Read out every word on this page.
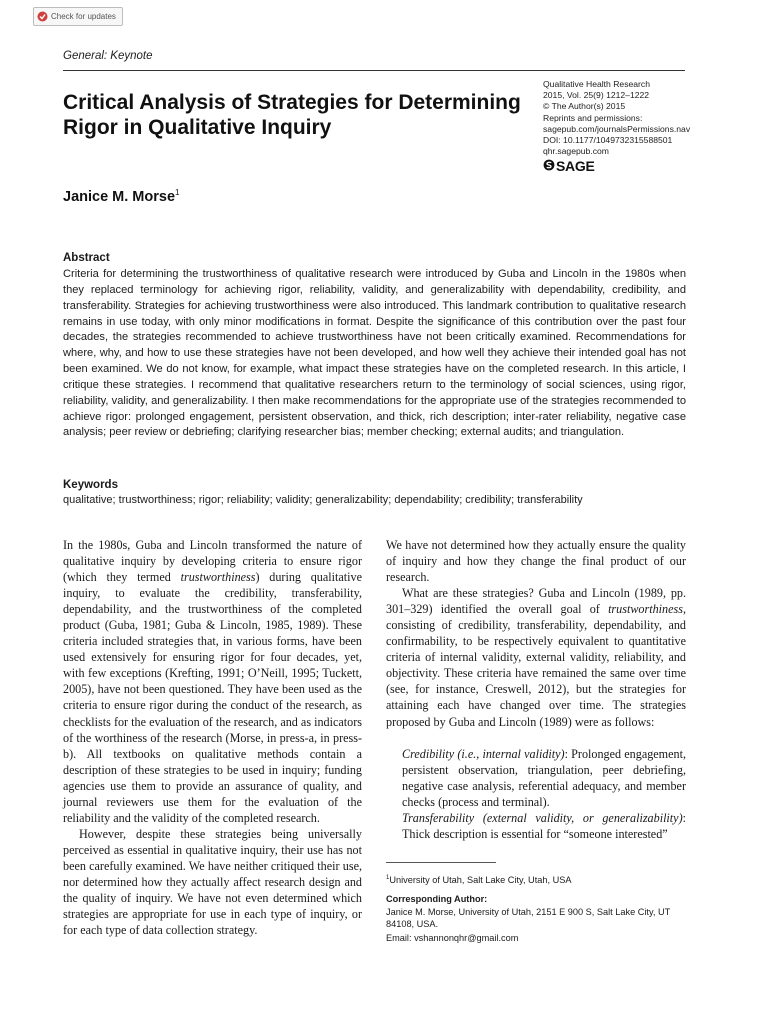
Check for updates
General: Keynote
Critical Analysis of Strategies for Determining Rigor in Qualitative Inquiry
Qualitative Health Research
2015, Vol. 25(9) 1212–1222
© The Author(s) 2015
Reprints and permissions:
sagepub.com/journalsPermissions.nav
DOI: 10.1177/1049732315588501
qhr.sagepub.com
SAGE
Janice M. Morse$^1$
Abstract
Criteria for determining the trustworthiness of qualitative research were introduced by Guba and Lincoln in the 1980s when they replaced terminology for achieving rigor, reliability, validity, and generalizability with dependability, credibility, and transferability. Strategies for achieving trustworthiness were also introduced. This landmark contribution to qualitative research remains in use today, with only minor modifications in format. Despite the significance of this contribution over the past four decades, the strategies recommended to achieve trustworthiness have not been critically examined. Recommendations for where, why, and how to use these strategies have not been developed, and how well they achieve their intended goal has not been examined. We do not know, for example, what impact these strategies have on the completed research. In this article, I critique these strategies. I recommend that qualitative researchers return to the terminology of social sciences, using rigor, reliability, validity, and generalizability. I then make recommendations for the appropriate use of the strategies recommended to achieve rigor: prolonged engagement, persistent observation, and thick, rich description; inter-rater reliability, negative case analysis; peer review or debriefing; clarifying researcher bias; member checking; external audits; and triangulation.
Keywords
qualitative; trustworthiness; rigor; reliability; validity; generalizability; dependability; credibility; transferability

In the 1980s, Guba and Lincoln transformed the nature of qualitative inquiry by developing criteria to ensure rigor (which they termed trustworthiness) during qualitative inquiry, to evaluate the credibility, transferability, dependability, and the trustworthiness of the completed product (Guba, 1981; Guba & Lincoln, 1985, 1989). These criteria included strategies that, in various forms, have been used extensively for ensuring rigor for four decades, yet, with few exceptions (Krefting, 1991; O’Neill, 1995; Tuckett, 2005), have not been questioned. They have been used as the criteria to ensure rigor during the conduct of the research, as checklists for the evaluation of the research, and as indicators of the worthiness of the research (Morse, in press-a, in press-b). All textbooks on qualitative methods contain a description of these strategies to be used in inquiry; funding agencies use them to provide an assurance of quality, and journal reviewers use them for the evaluation of the reliability and the validity of the completed research.

However, despite these strategies being universally perceived as essential in qualitative inquiry, their use has not been carefully examined. We have neither critiqued their use, nor determined how they actually affect research design and the quality of inquiry. We have not even determined which strategies are appropriate for use in each type of inquiry, or for each type of data collection strategy.

We have not determined how they actually ensure the quality of inquiry and how they change the final product of our research.

What are these strategies? Guba and Lincoln (1989, pp. 301–329) identified the overall goal of trustworthiness, consisting of credibility, transferability, dependability, and confirmability, to be respectively equivalent to quantitative criteria of internal validity, external validity, reliability, and objectivity. These criteria have remained the same over time (see, for instance, Creswell, 2012), but the strategies for attaining each have changed over time. The strategies proposed by Guba and Lincoln (1989) were as follows:

Credibility (i.e., internal validity): Prolonged engagement, persistent observation, triangulation, peer debriefing, negative case analysis, referential adequacy, and member checks (process and terminal).

Transferability (external validity, or generalizability): Thick description is essential for “someone interested”

$^1$University of Utah, Salt Lake City, Utah, USA
Corresponding Author:
Janice M. Morse, University of Utah, 2151 E 900 S, Salt Lake City, UT 84108, USA.
Email: vshannonqhr@gmail.com
